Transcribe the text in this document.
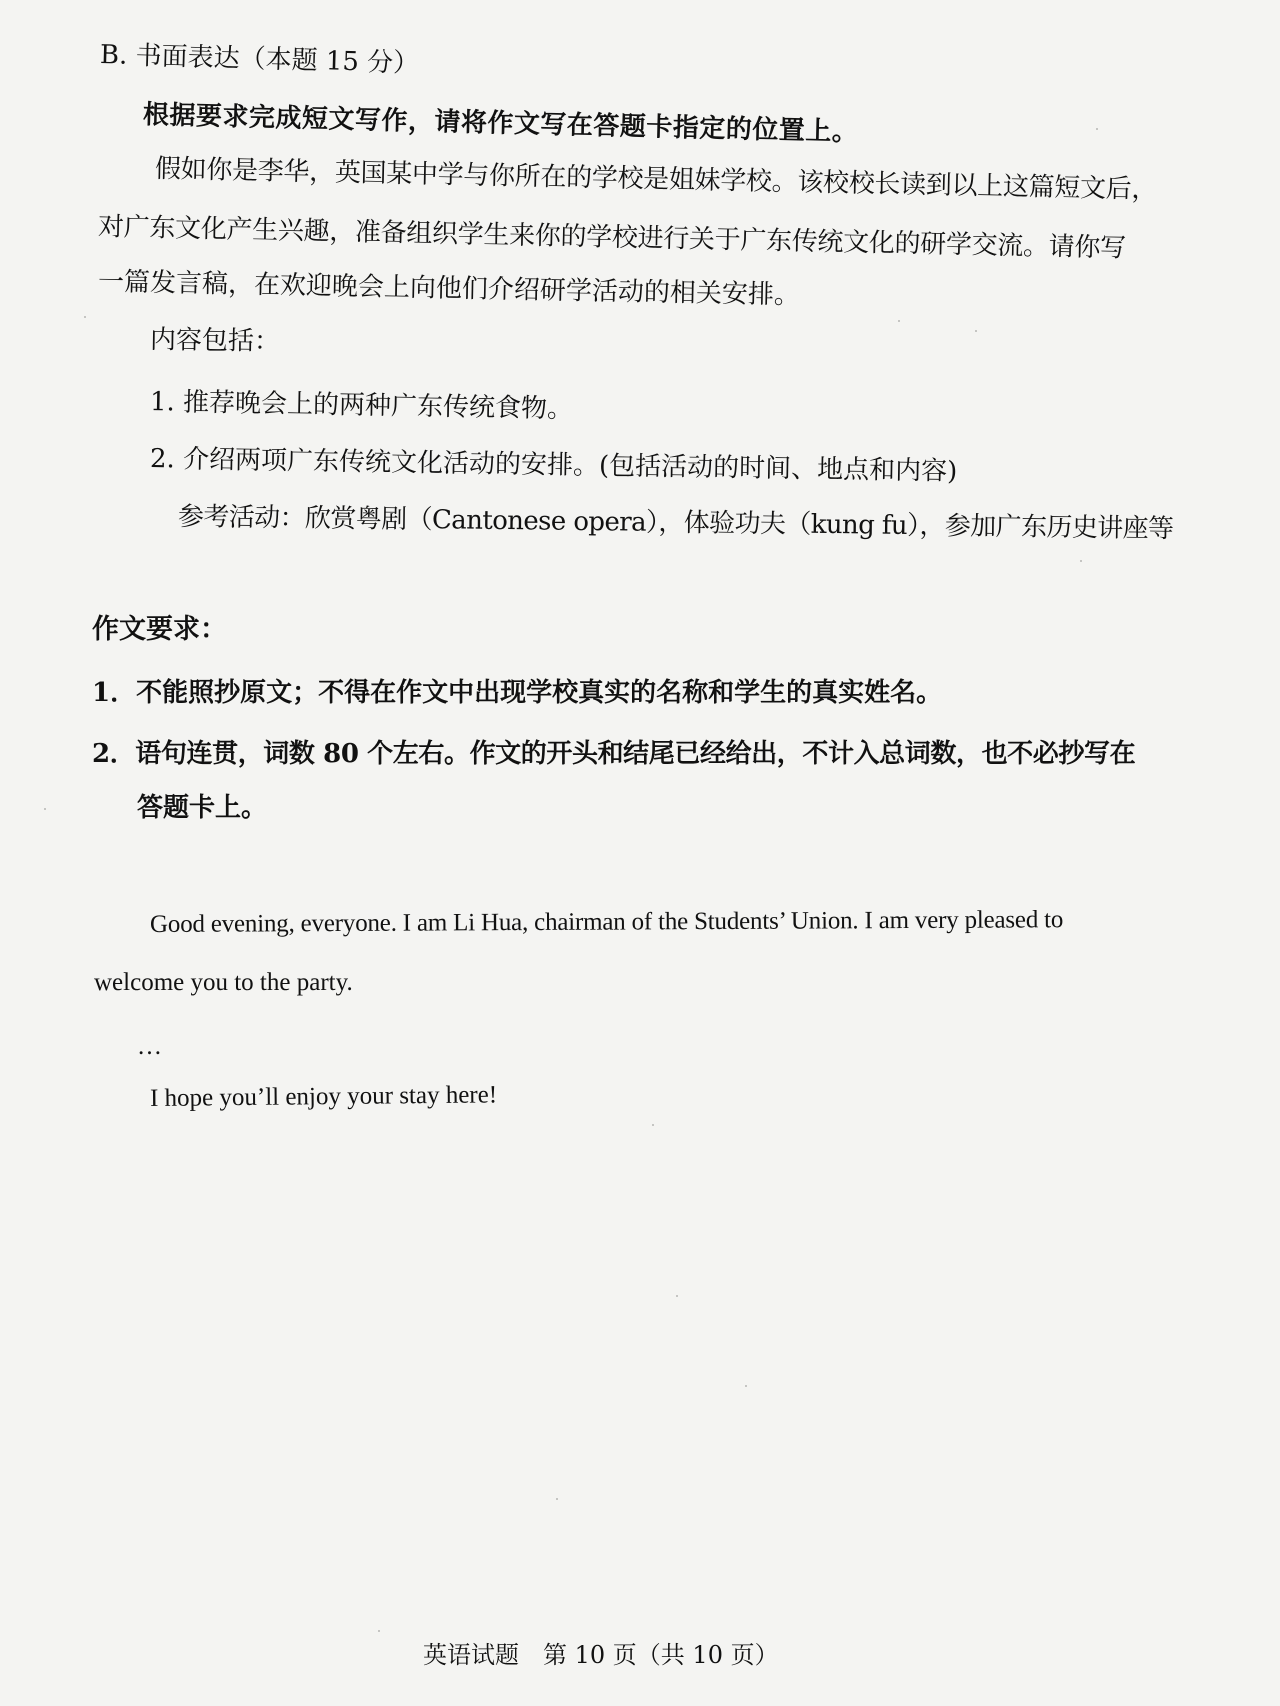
B. 书面表达（本题 15 分）
根据要求完成短文写作，请将作文写在答题卡指定的位置上。
假如你是李华，英国某中学与你所在的学校是姐妹学校。该校校长读到以上这篇短文后，
对广东文化产生兴趣，准备组织学生来你的学校进行关于广东传统文化的研学交流。请你写
一篇发言稿，在欢迎晚会上向他们介绍研学活动的相关安排。
内容包括：
1. 推荐晚会上的两种广东传统食物。
2. 介绍两项广东传统文化活动的安排。(包括活动的时间、地点和内容)
参考活动：欣赏粤剧（Cantonese opera），体验功夫（kung fu），参加广东历史讲座等
作文要求：
1．不能照抄原文；不得在作文中出现学校真实的名称和学生的真实姓名。
2．语句连贯，词数 80 个左右。作文的开头和结尾已经给出，不计入总词数，也不必抄写在
答题卡上。
Good evening, everyone. I am Li Hua, chairman of the Students’ Union. I am very pleased to
welcome you to the party.
…
I hope you’ll enjoy your stay here!
英语试题　第 10 页（共 10 页）
